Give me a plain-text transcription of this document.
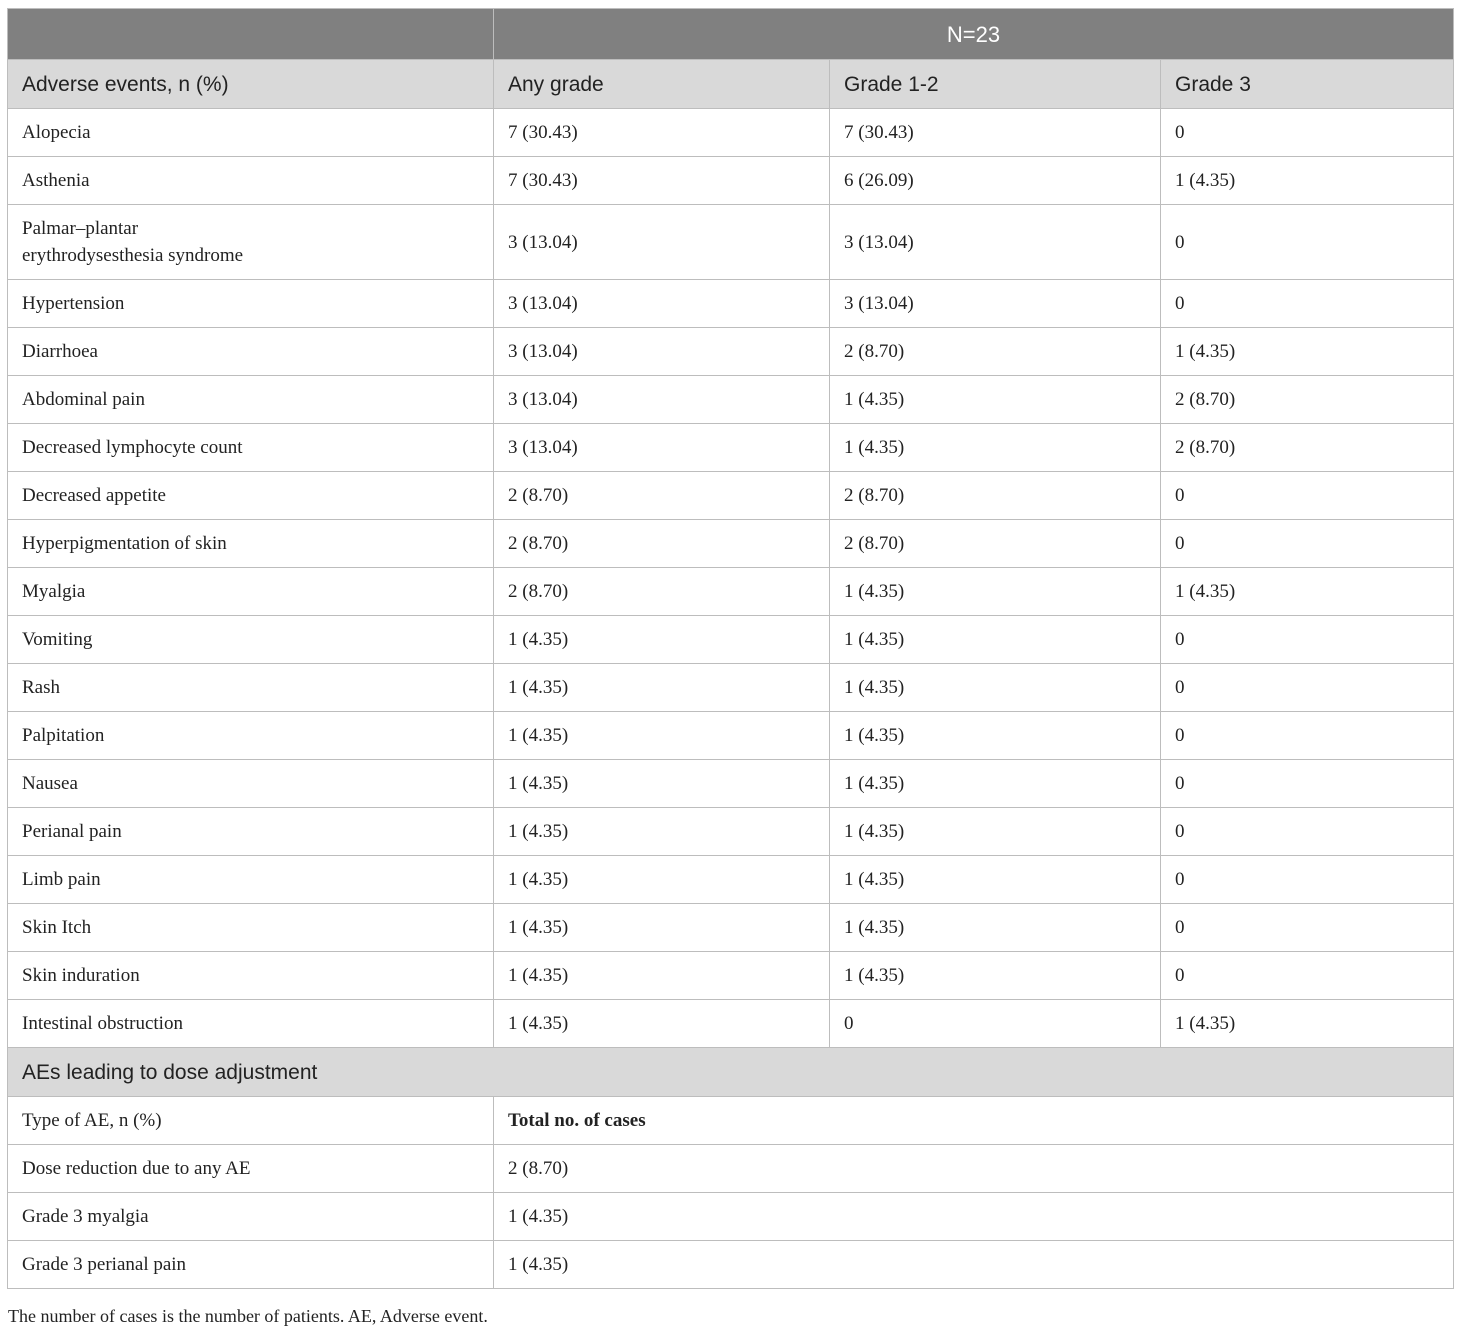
	N=23		
Adverse events, n (%)	Any grade	Grade 1-2	Grade 3
Alopecia	7 (30.43)	7 (30.43)	0
Asthenia	7 (30.43)	6 (26.09)	1 (4.35)
Palmar–plantar
erythrodysesthesia syndrome	3 (13.04)	3 (13.04)	0
Hypertension	3 (13.04)	3 (13.04)	0
Diarrhoea	3 (13.04)	2 (8.70)	1 (4.35)
Abdominal pain	3 (13.04)	1 (4.35)	2 (8.70)
Decreased lymphocyte count	3 (13.04)	1 (4.35)	2 (8.70)
Decreased appetite	2 (8.70)	2 (8.70)	0
Hyperpigmentation of skin	2 (8.70)	2 (8.70)	0
Myalgia	2 (8.70)	1 (4.35)	1 (4.35)
Vomiting	1 (4.35)	1 (4.35)	0
Rash	1 (4.35)	1 (4.35)	0
Palpitation	1 (4.35)	1 (4.35)	0
Nausea	1 (4.35)	1 (4.35)	0
Perianal pain	1 (4.35)	1 (4.35)	0
Limb pain	1 (4.35)	1 (4.35)	0
Skin Itch	1 (4.35)	1 (4.35)	0
Skin induration	1 (4.35)	1 (4.35)	0
Intestinal obstruction	1 (4.35)	0	1 (4.35)
AEs leading to dose adjustment			
Type of AE, n (%)	Total no. of cases		
Dose reduction due to any AE	2 (8.70)		
Grade 3 myalgia	1 (4.35)		
Grade 3 perianal pain	1 (4.35)		
The number of cases is the number of patients. AE, Adverse event.
